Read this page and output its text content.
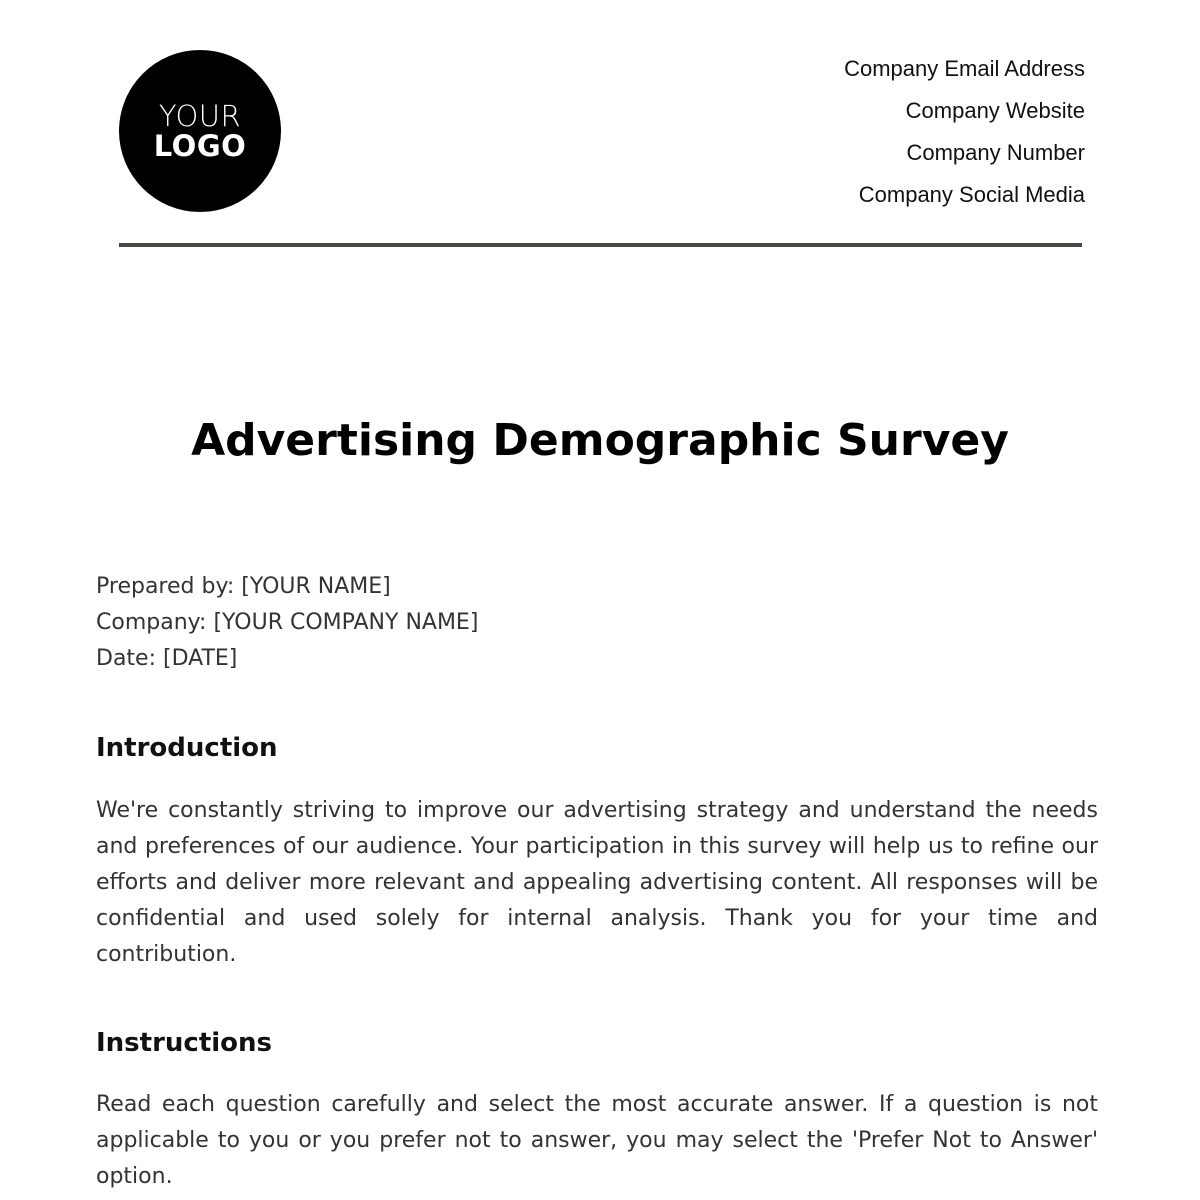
YOUR
LOGO
Company Email Address
Company Website
Company Number
Company Social Media
Advertising Demographic Survey
Prepared by: [YOUR NAME]
Company: [YOUR COMPANY NAME]
Date: [DATE]
Introduction

We're constantly striving to improve our advertising strategy and understand the needs and preferences of our audience. Your participation in this survey will help us to refine our efforts and deliver more relevant and appealing advertising content. All responses will be confidential and used solely for internal analysis. Thank you for your time and contribution.

Instructions

Read each question carefully and select the most accurate answer. If a question is not applicable to you or you prefer not to answer, you may select the 'Prefer Not to Answer' option.
